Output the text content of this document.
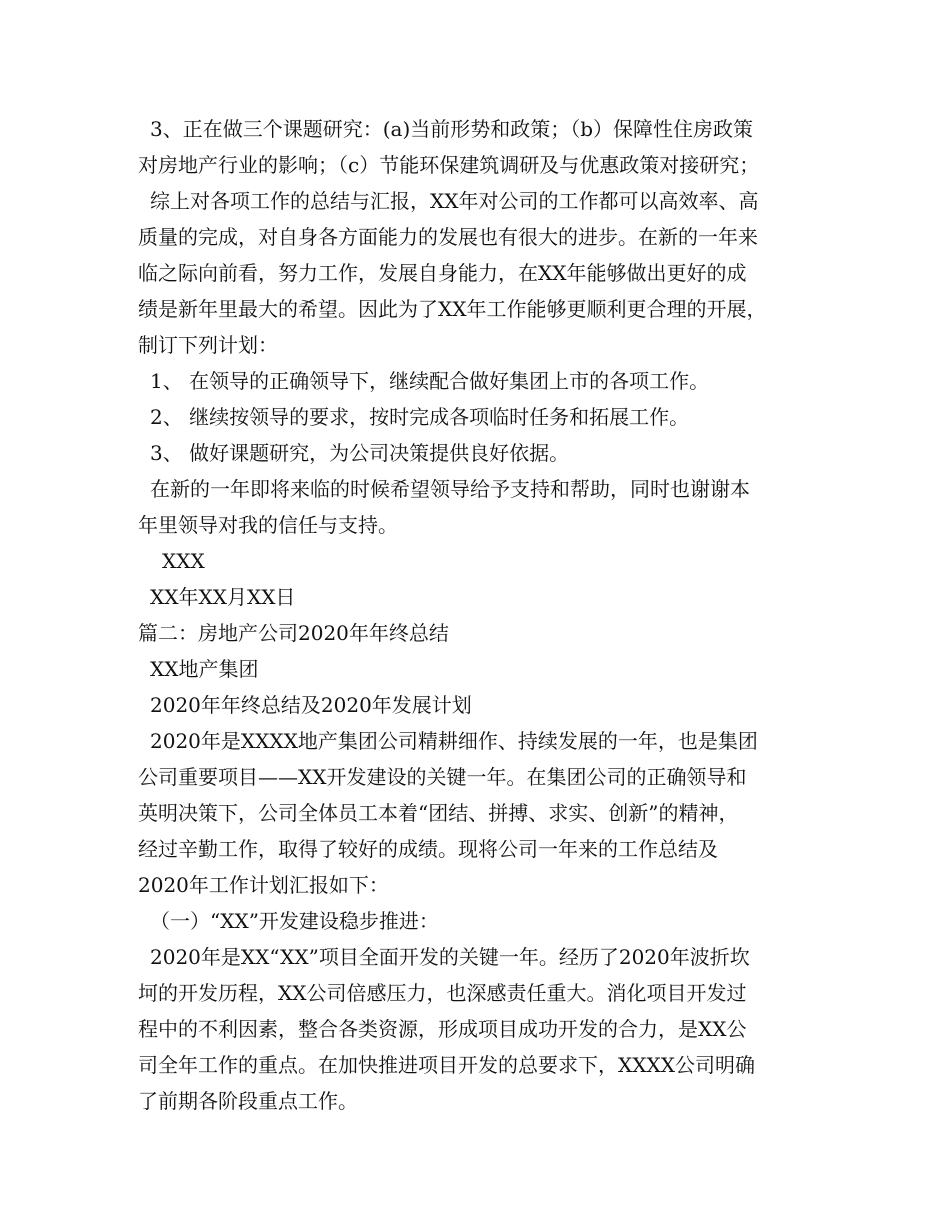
3、正在做三个课题研究：(a)当前形势和政策；（b）保障性住房政策
对房地产行业的影响；（c）节能环保建筑调研及与优惠政策对接研究；
综上对各项工作的总结与汇报，XX年对公司的工作都可以高效率、高
质量的完成，对自身各方面能力的发展也有很大的进步。在新的一年来
临之际向前看，努力工作，发展自身能力，在XX年能够做出更好的成
绩是新年里最大的希望。因此为了XX年工作能够更顺利更合理的开展，
制订下列计划：
1、 在领导的正确领导下，继续配合做好集团上市的各项工作。
2、 继续按领导的要求，按时完成各项临时任务和拓展工作。
3、 做好课题研究，为公司决策提供良好依据。
在新的一年即将来临的时候希望领导给予支持和帮助，同时也谢谢本
年里领导对我的信任与支持。
XXX
XX年XX月XX日
篇二：房地产公司2020年年终总结
XX地产集团
2020年年终总结及2020年发展计划
2020年是XXXX地产集团公司精耕细作、持续发展的一年，也是集团
公司重要项目——XX开发建设的关键一年。在集团公司的正确领导和
英明决策下，公司全体员工本着“团结、拼搏、求实、创新”的精神，
经过辛勤工作，取得了较好的成绩。现将公司一年来的工作总结及
2020年工作计划汇报如下：
（一）“XX”开发建设稳步推进：
2020年是XX“XX”项目全面开发的关键一年。经历了2020年波折坎
坷的开发历程，XX公司倍感压力，也深感责任重大。消化项目开发过
程中的不利因素，整合各类资源，形成项目成功开发的合力，是XX公
司全年工作的重点。在加快推进项目开发的总要求下，XXXX公司明确
了前期各阶段重点工作。
